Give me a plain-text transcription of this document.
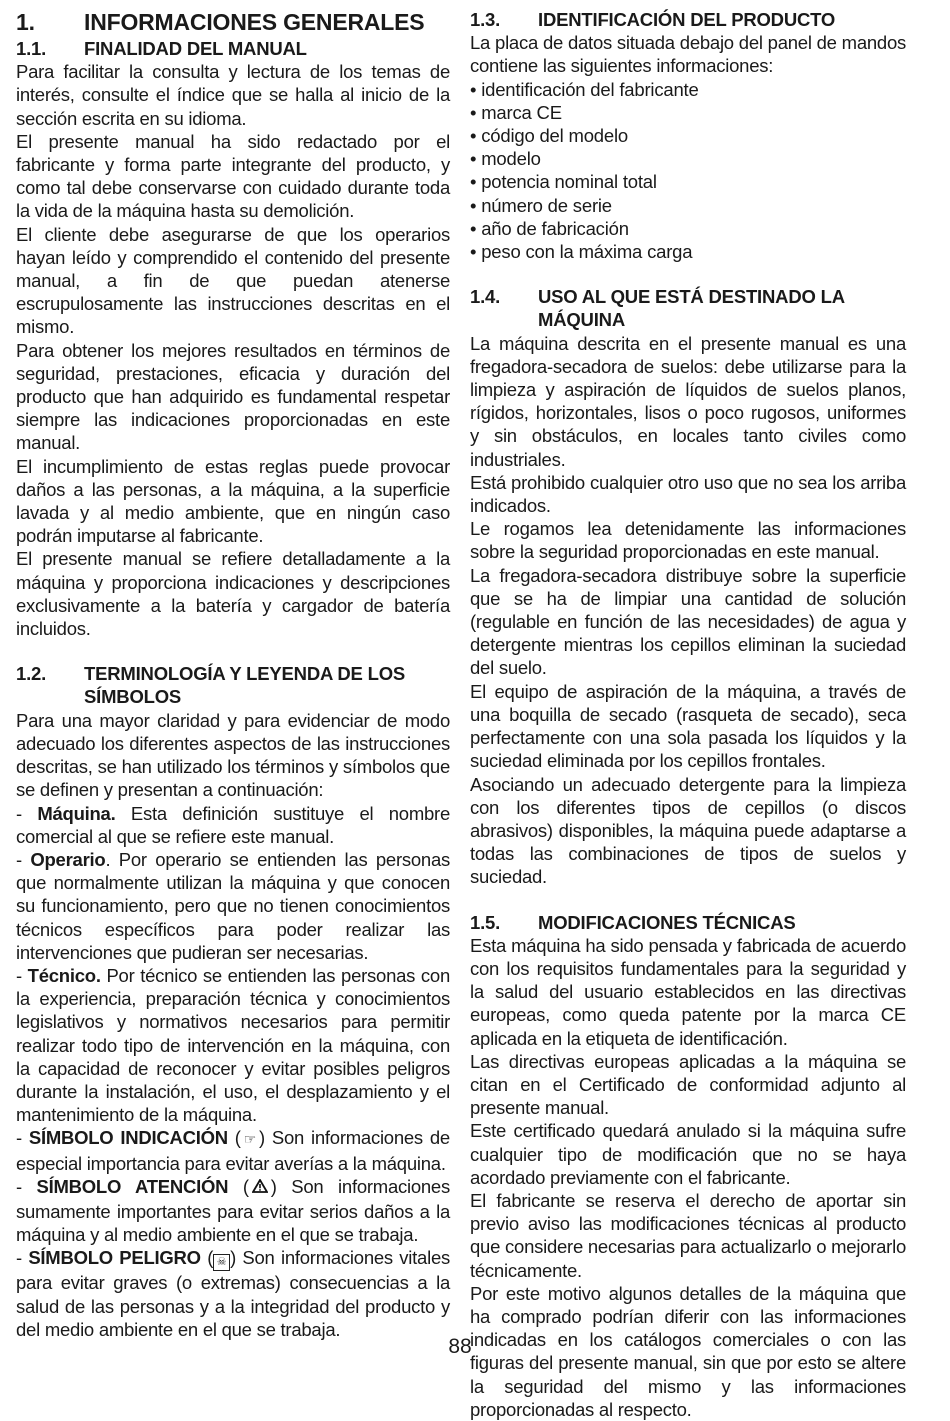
1.	INFORMACIONES GENERALES
1.1.	FINALIDAD DEL MANUAL

Para facilitar la consulta y lectura de los temas de interés, consulte el índice que se halla al inicio de la sección escrita en su idioma.

El presente manual ha sido redactado por el fabricante y forma parte integrante del producto, y como tal debe conservarse con cuidado durante toda la vida de la máquina hasta su demolición.

El cliente debe asegurarse de que los operarios hayan leído y comprendido el contenido del presente manual, a fin de que puedan atenerse escrupulosamente las instrucciones descritas en el mismo.

Para obtener los mejores resultados en términos de seguridad, prestaciones, eficacia y duración del producto que han adquirido es fundamental respetar siempre las indicaciones proporcionadas en este manual.

El incumplimiento de estas reglas puede provocar daños a las personas, a la máquina, a la superficie lavada y al medio ambiente, que en ningún caso podrán imputarse al fabricante.

El presente manual se refiere detalladamente a la máquina y proporciona indicaciones y descripciones exclusivamente a la batería y cargador de batería incluidos.

1.2.	TERMINOLOGÍA Y LEYENDA DE LOS SÍMBOLOS

Para una mayor claridad y para evidenciar de modo adecuado los diferentes aspectos de las instrucciones descritas, se han utilizado los términos y símbolos que se definen y presentan a continuación:

- Máquina. Esta definición sustituye el nombre comercial al que se refiere este manual.

- Operario. Por operario se entienden las personas que normalmente utilizan la máquina y que conocen su funcionamiento, pero que no tienen conocimientos técnicos específicos para poder realizar las intervenciones que pudieran ser necesarias.

- Técnico. Por técnico se entienden las personas con la experiencia, preparación técnica y conocimientos legislativos y normativos necesarios para permitir realizar todo tipo de intervención en la máquina, con la capacidad de reconocer y evitar posibles peligros durante la instalación, el uso, el desplazamiento y el mantenimiento de la máquina.

- SÍMBOLO INDICACIÓN ( ☞ ) Son informaciones de especial importancia para evitar averías a la máquina.

- SÍMBOLO ATENCIÓN ( ) Son informaciones sumamente importantes para evitar serios daños a la máquina y al medio ambiente en el que se trabaja.

- SÍMBOLO PELIGRO ( ☠ ) Son informaciones vitales para evitar graves (o extremas) consecuencias a la salud de las personas y a la integridad del producto y del medio ambiente en el que se trabaja.

1.3.	IDENTIFICACIÓN DEL PRODUCTO

La placa de datos situada debajo del panel de mandos contiene las siguientes informaciones:

• identificación del fabricante
• marca CE
• código del modelo
• modelo
• potencia nominal total
• número de serie
• año de fabricación
• peso con la máxima carga
1.4.	USO AL QUE ESTÁ DESTINADO LA MÁQUINA

La máquina descrita en el presente manual es una fregadora-secadora de suelos: debe utilizarse para la limpieza y aspiración de líquidos de suelos planos, rígidos, horizontales, lisos o poco rugosos, uniformes y sin obstáculos, en locales tanto civiles como industriales.

Está prohibido cualquier otro uso que no sea los arriba indicados.

Le rogamos lea detenidamente las informaciones sobre la seguridad proporcionadas en este manual.

La fregadora-secadora distribuye sobre la superficie que se ha de limpiar una cantidad de solución (regulable en función de las necesidades) de agua y detergente mientras los cepillos eliminan la suciedad del suelo.

El equipo de aspiración de la máquina, a través de una boquilla de secado (rasqueta de secado), seca perfectamente con una sola pasada los líquidos y la suciedad eliminada por los cepillos frontales.

Asociando un adecuado detergente para la limpieza con los diferentes tipos de cepillos (o discos abrasivos) disponibles, la máquina puede adaptarse a todas las combinaciones de tipos de suelos y suciedad.

1.5.	MODIFICACIONES TÉCNICAS

Esta máquina ha sido pensada y fabricada de acuerdo con los requisitos fundamentales para la seguridad y la salud del usuario establecidos en las directivas europeas, como queda patente por la marca CE aplicada en la etiqueta de identificación.

Las directivas europeas aplicadas a la máquina se citan en el Certificado de conformidad adjunto al presente manual.

Este certificado quedará anulado si la máquina sufre cualquier tipo de modificación que no se haya acordado previamente con el fabricante.

El fabricante se reserva el derecho de aportar sin previo aviso las modificaciones técnicas al producto que considere necesarias para actualizarlo o mejorarlo técnicamente.

Por este motivo algunos detalles de la máquina que ha comprado podrían diferir con las informaciones indicadas en los catálogos comerciales o con las figuras del presente manual, sin que por esto se altere la seguridad del mismo y las informaciones proporcionadas al respecto.

88
